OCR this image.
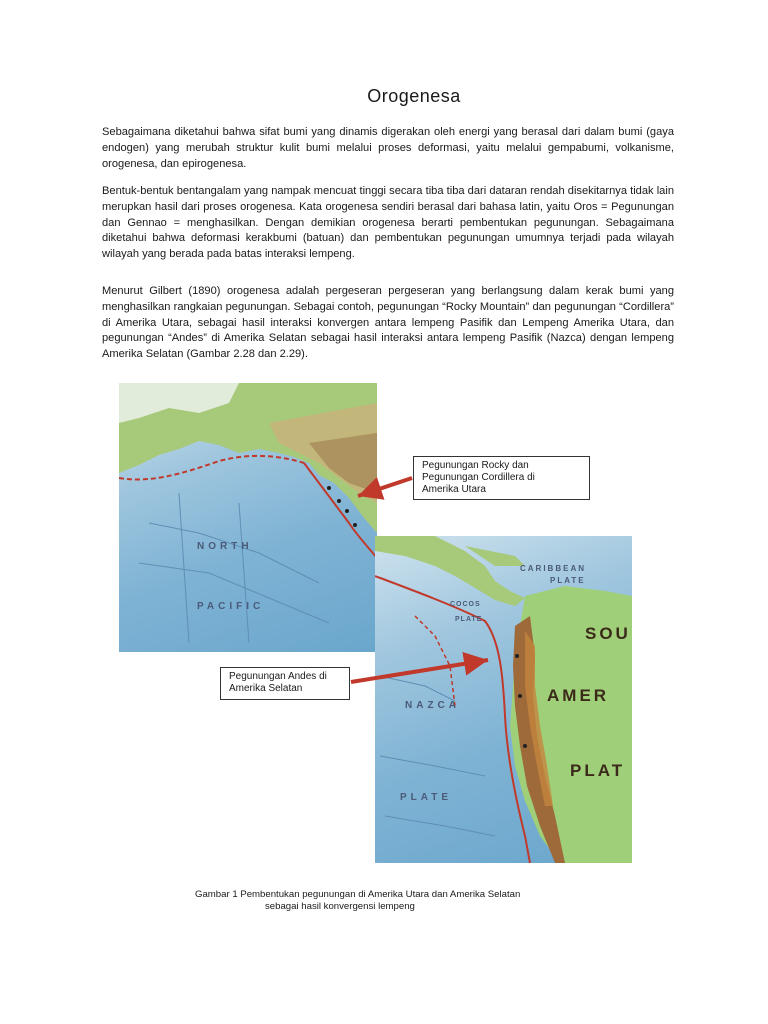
Orogenesa

Sebagaimana diketahui bahwa sifat bumi yang dinamis digerakan oleh energi yang berasal dari dalam bumi (gaya endogen) yang merubah struktur kulit bumi melalui proses deformasi, yaitu melalui gempabumi, volkanisme, orogenesa, dan epirogenesa.

Bentuk-bentuk bentangalam yang nampak mencuat tinggi secara tiba tiba dari dataran rendah disekitarnya tidak lain merupkan hasil dari proses orogenesa. Kata orogenesa sendiri berasal dari bahasa latin, yaitu Oros = Pegunungan dan Gennao = menghasilkan. Dengan demikian orogenesa berarti pembentukan pegunungan. Sebagaimana diketahui bahwa deformasi kerakbumi (batuan) dan pembentukan pegunungan umumnya terjadi pada wilayah wilayah yang berada pada batas interaksi lempeng.

Menurut Gilbert (1890) orogenesa adalah pergeseran pergeseran yang berlangsung dalam kerak bumi yang menghasilkan rangkaian pegunungan. Sebagai contoh, pegunungan “Rocky Mountain” dan pegunungan “Cordillera” di Amerika Utara, sebagai hasil interaksi konvergen antara lempeng Pasifik dan Lempeng Amerika Utara, dan pegunungan “Andes” di Amerika Selatan sebagai hasil interaksi antara lempeng Pasifik (Nazca) dengan lempeng Amerika Selatan (Gambar 2.28 dan 2.29).

NORTH
PACIFIC
CARIBBEAN
PLATE
COCOS
PLATE
NAZCA
PLATE
SOU
AMER
PLAT
Pegunungan Rocky dan
Pegunungan Cordillera di
Amerika Utara
Pegunungan Andes di
Amerika Selatan
Gambar 1 Pembentukan pegunungan di Amerika Utara dan Amerika Selatan
sebagai hasil konvergensi lempeng
